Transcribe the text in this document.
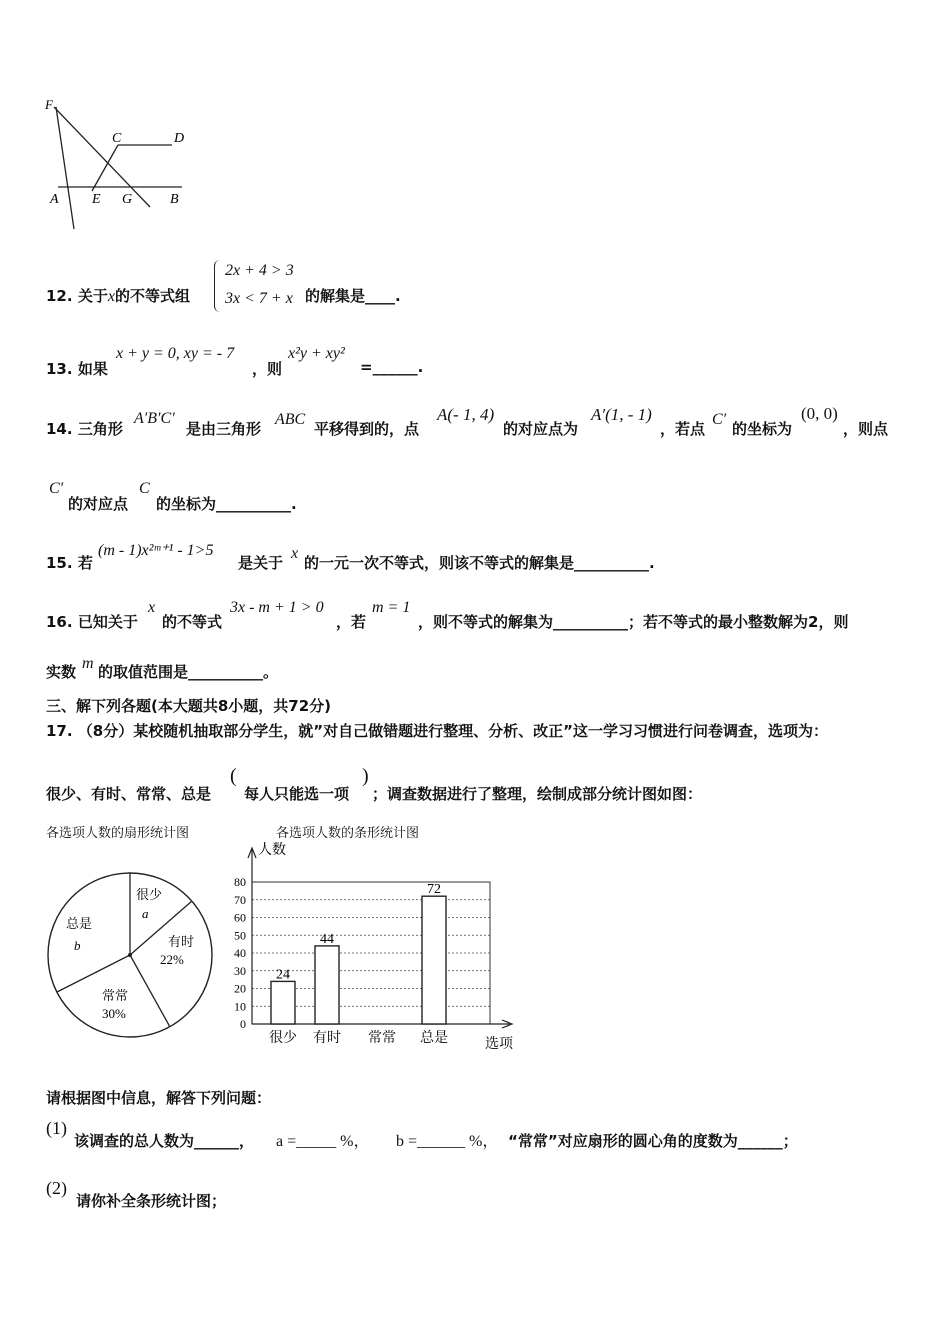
F
C	D
A E G	B
12. 关于x的不等式组
2x + 4 > 3
3x < 7 + x 的解集是____.
13. 如果
x + y = 0, xy = - 7
，则
x²y + xy²
=______.
14. 三角形
A′B′C′
是由三角形
ABC
平移得到的，点
A(- 1, 4)
的对应点为
A′(1, - 1)
，若点
C′
的坐标为
(0, 0)
，则点
C′
的对应点
C
的坐标为__________.
15. 若
(m - 1)x²ᵐ⁺¹ - 1>5
是关于
x
的一元一次不等式，则该不等式的解集是__________.
16. 已知关于
x
的不等式
3x - m + 1 > 0
，若
m = 1
，则不等式的解集为__________；若不等式的最小整数解为2，则
实数 m 的取值范围是__________。
三、解下列各题(本大题共8小题，共72分)
17. （8分）某校随机抽取部分学生，就”对自己做错题进行整理、分析、改正”这一学习习惯进行问卷调查，选项为：
很少、有时、常常、总是
(
每人只能选一项
)
；调查数据进行了整理，绘制成部分统计图如图：
各选项人数的扇形统计图
很少
a
有时
22%
常常
30%
总是
b
各选项人数的条形统计图
0
10
20
30
40
50
60
70
80
人数
选项
很少
24
有时
44
常常 总是
72
请根据图中信息，解答下列问题：
(1)
该调查的总人数为______， a =_____ %， b =______ %， “常常”对应扇形的圆心角的度数为______；
(2)
请你补全条形统计图；
